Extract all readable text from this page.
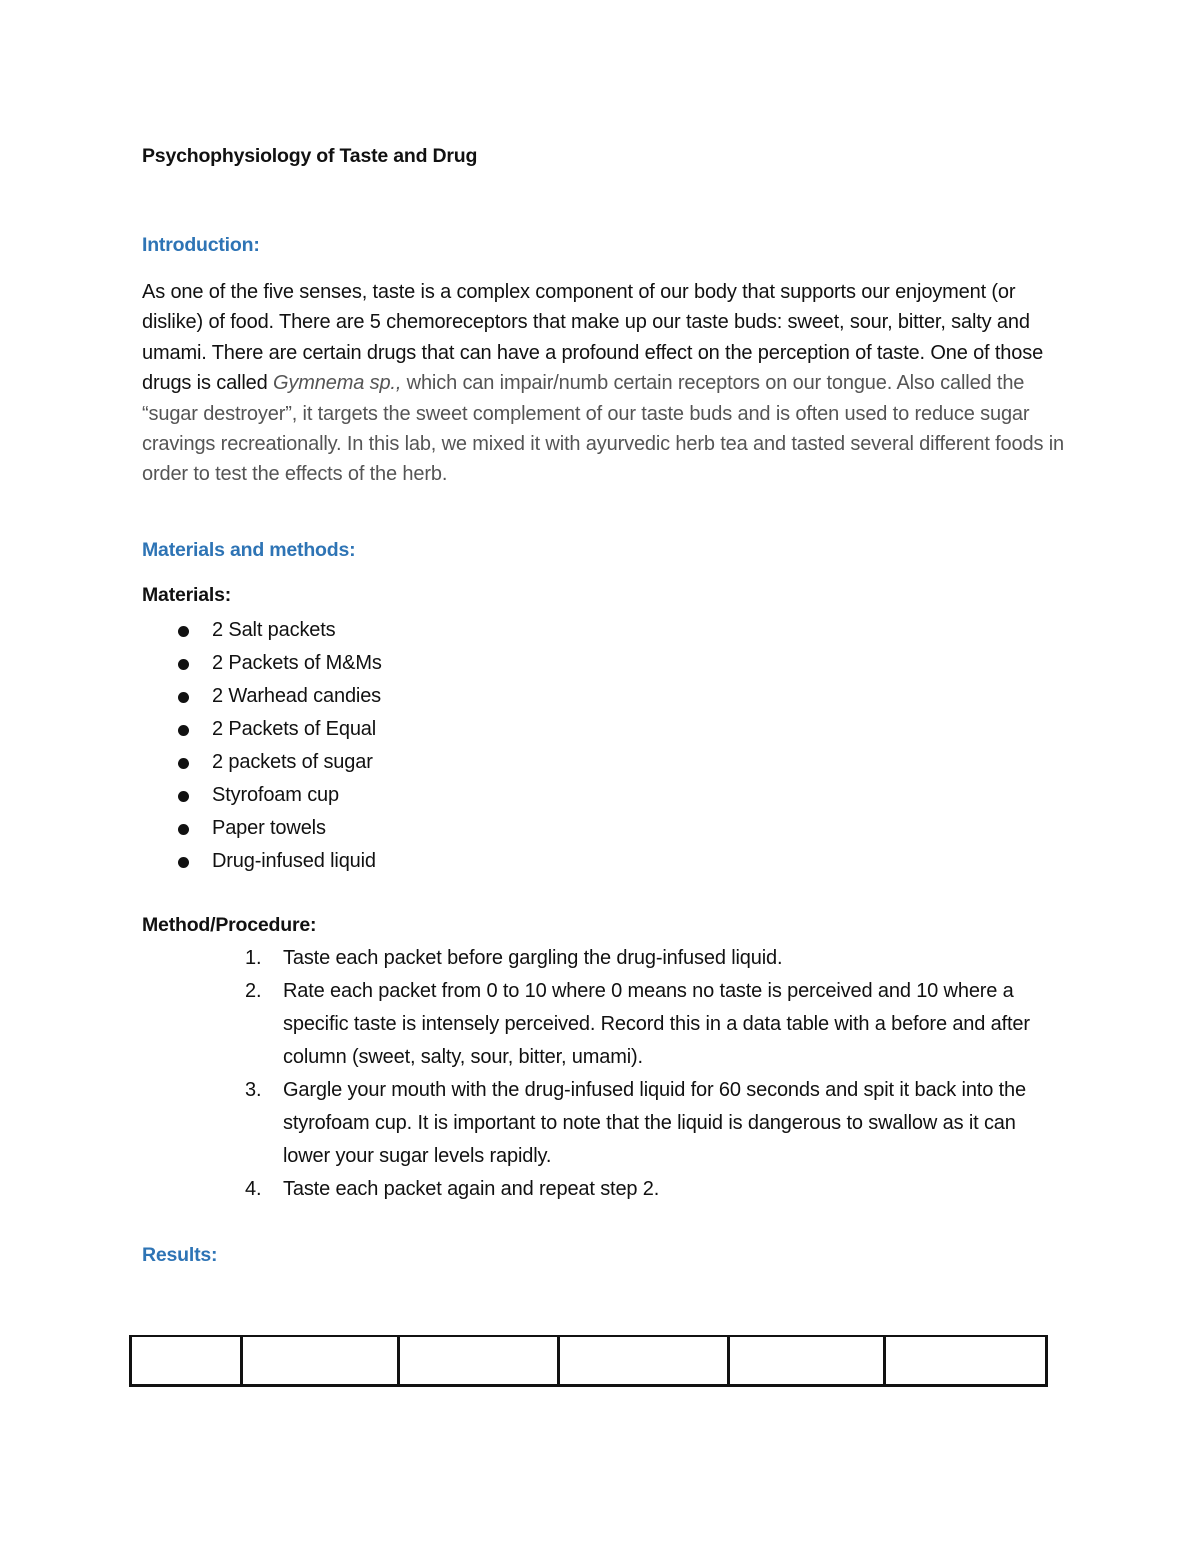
Psychophysiology of Taste and Drug
Introduction:
As one of the five senses, taste is a complex component of our body that supports our enjoyment (or dislike) of food. There are 5 chemoreceptors that make up our taste buds: sweet, sour, bitter, salty and umami. There are certain drugs that can have a profound effect on the perception of taste. One of those drugs is called Gymnema sp., which can impair/numb certain receptors on our tongue. Also called the “sugar destroyer”, it targets the sweet complement of our taste buds and is often used to reduce sugar cravings recreationally. In this lab, we mixed it with ayurvedic herb tea and tasted several different foods in order to test the effects of the herb.
Materials and methods:
Materials:
2 Salt packets
2 Packets of M&Ms
2 Warhead candies
2 Packets of Equal
2 packets of sugar
Styrofoam cup
Paper towels
Drug-infused liquid
Method/Procedure:
1. Taste each packet before gargling the drug-infused liquid.
2. Rate each packet from 0 to 10 where 0 means no taste is perceived and 10 where a specific taste is intensely perceived. Record this in a data table with a before and after column (sweet, salty, sour, bitter, umami).
3. Gargle your mouth with the drug-infused liquid for 60 seconds and spit it back into the styrofoam cup. It is important to note that the liquid is dangerous to swallow as it can lower your sugar levels rapidly.
4. Taste each packet again and repeat step 2.
Results:
